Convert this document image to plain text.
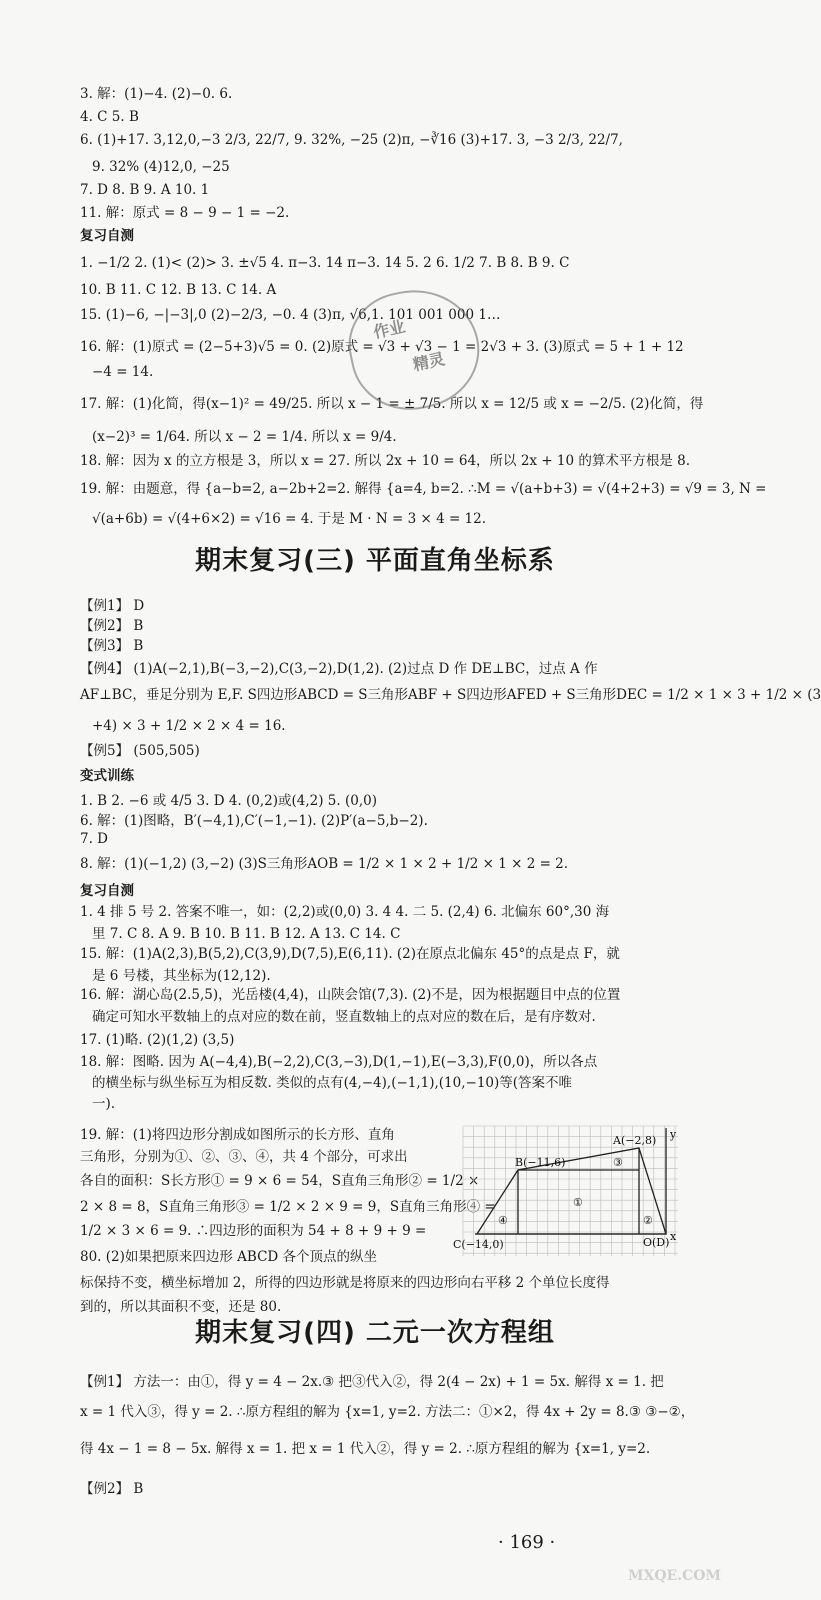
3. 解：(1)−4. (2)−0. 6.
4. C 5. B
6. (1)+17. 3,12,0,−3 2/3, 22/7, 9. 32%, −25 (2)π, −∛16 (3)+17. 3, −3 2/3, 22/7,
9. 32% (4)12,0, −25
7. D 8. B 9. A 10. 1
11. 解：原式 = 8 − 9 − 1 = −2.
复习自测
1. −1/2 2. (1)< (2)> 3. ±√5 4. π−3. 14 π−3. 14 5. 2 6. 1/2 7. B 8. B 9. C
10. B 11. C 12. B 13. C 14. A
15. (1)−6, −|−3|,0 (2)−2/3, −0. 4 (3)π, √6,1. 101 001 000 1…
16. 解：(1)原式 = (2−5+3)√5 = 0. (2)原式 = √3 + √3 − 1 = 2√3 + 3. (3)原式 = 5 + 1 + 12
−4 = 14.
17. 解：(1)化简，得(x−1)² = 49/25. 所以 x − 1 = ± 7/5. 所以 x = 12/5 或 x = −2/5. (2)化简，得
(x−2)³ = 1/64. 所以 x − 2 = 1/4. 所以 x = 9/4.
18. 解：因为 x 的立方根是 3，所以 x = 27. 所以 2x + 10 = 64，所以 2x + 10 的算术平方根是 8.
19. 解：由题意，得 {a−b=2, a−2b+2=2. 解得 {a=4, b=2. ∴M = √(a+b+3) = √(4+2+3) = √9 = 3, N =
√(a+6b) = √(4+6×2) = √16 = 4. 于是 M · N = 3 × 4 = 12.
作业
精灵
期末复习(三) 平面直角坐标系
【例1】 D
【例2】 B
【例3】 B
【例4】 (1)A(−2,1),B(−3,−2),C(3,−2),D(1,2). (2)过点 D 作 DE⊥BC，过点 A 作
AF⊥BC，垂足分别为 E,F. S四边形ABCD = S三角形ABF + S四边形AFED + S三角形DEC = 1/2 × 1 × 3 + 1/2 × (3
+4) × 3 + 1/2 × 2 × 4 = 16.
【例5】 (505,505)
变式训练
1. B 2. −6 或 4/5 3. D 4. (0,2)或(4,2) 5. (0,0)
6. 解：(1)图略，B′(−4,1),C′(−1,−1). (2)P′(a−5,b−2).
7. D
8. 解：(1)(−1,2) (3,−2) (3)S三角形AOB = 1/2 × 1 × 2 + 1/2 × 1 × 2 = 2.
复习自测
1. 4 排 5 号 2. 答案不唯一，如：(2,2)或(0,0) 3. 4 4. 二 5. (2,4) 6. 北偏东 60°,30 海
里 7. C 8. A 9. B 10. B 11. B 12. A 13. C 14. C
15. 解：(1)A(2,3),B(5,2),C(3,9),D(7,5),E(6,11). (2)在原点北偏东 45°的点是点 F，就
是 6 号楼，其坐标为(12,12).
16. 解：湖心岛(2.5,5)，光岳楼(4,4)，山陕会馆(7,3). (2)不是，因为根据题目中点的位置
确定可知水平数轴上的点对应的数在前，竖直数轴上的点对应的数在后，是有序数对.
17. (1)略. (2)(1,2) (3,5)
18. 解：图略. 因为 A(−4,4),B(−2,2),C(3,−3),D(1,−1),E(−3,3),F(0,0)，所以各点
的横坐标与纵坐标互为相反数. 类似的点有(4,−4),(−1,1),(10,−10)等(答案不唯
一).
19. 解：(1)将四边形分割成如图所示的长方形、直角
三角形，分别为①、②、③、④，共 4 个部分，可求出
各自的面积：S长方形① = 9 × 6 = 54，S直角三角形② = 1/2 ×
2 × 8 = 8，S直角三角形③ = 1/2 × 2 × 9 = 9，S直角三角形④ =
1/2 × 3 × 6 = 9. ∴四边形的面积为 54 + 8 + 9 + 9 =
80. (2)如果把原来四边形 ABCD 各个顶点的纵坐
标保持不变，横坐标增加 2，所得的四边形就是将原来的四边形向右平移 2 个单位长度得
到的，所以其面积不变，还是 80.
A(−2,8)
B(−11,6)
C(−14,0)	O(D) x
y
①
②
③
④
期末复习(四) 二元一次方程组
【例1】 方法一：由①，得 y = 4 − 2x.③ 把③代入②，得 2(4 − 2x) + 1 = 5x. 解得 x = 1. 把
x = 1 代入③，得 y = 2. ∴原方程组的解为 {x=1, y=2. 方法二：①×2，得 4x + 2y = 8.③ ③−②，
得 4x − 1 = 8 − 5x. 解得 x = 1. 把 x = 1 代入②，得 y = 2. ∴原方程组的解为 {x=1, y=2.
【例2】 B
· 169 ·
MXQE.COM
